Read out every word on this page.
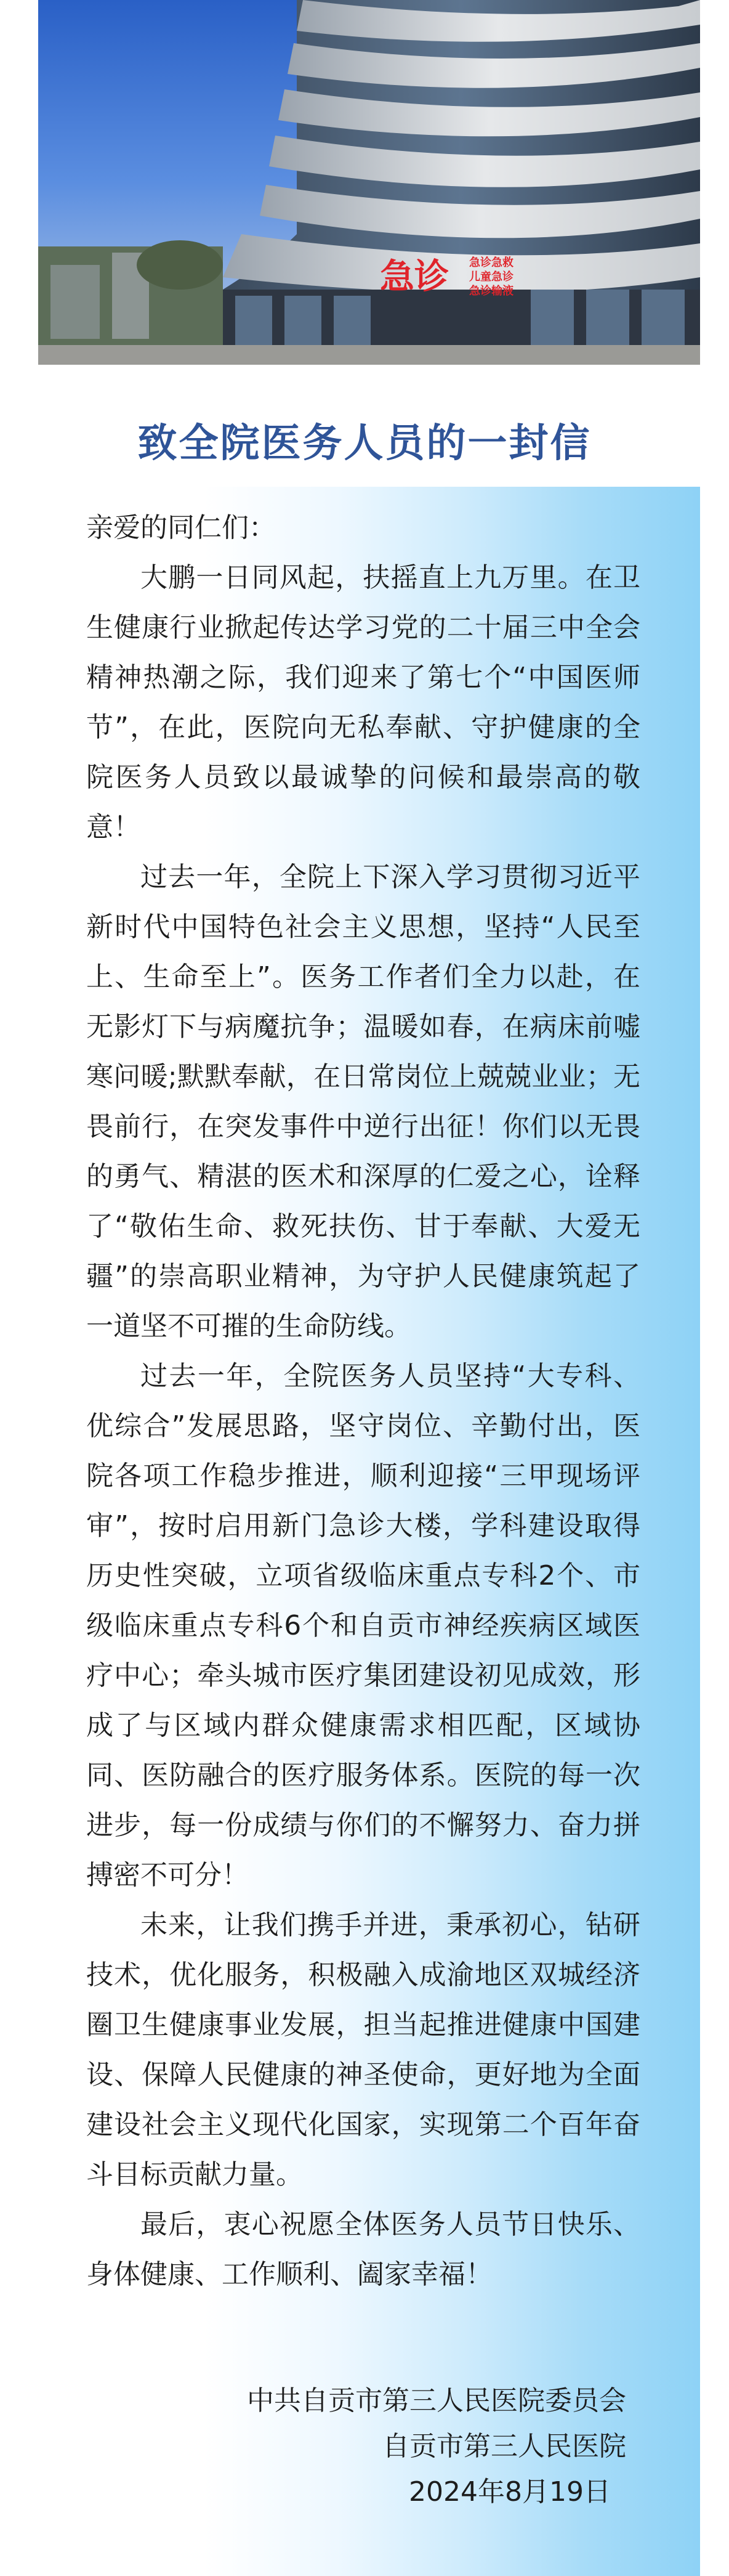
急诊 急诊急救
儿童急诊
急诊输液
致全院医务人员的一封信

亲爱的同仁们：

大鹏一日同风起，扶摇直上九万里。在卫生健康行业掀起传达学习党的二十届三中全会精神热潮之际，我们迎来了第七个“中国医师节”，在此，医院向无私奉献、守护健康的全院医务人员致以最诚挚的问候和最崇高的敬意！

过去一年，全院上下深入学习贯彻习近平新时代中国特色社会主义思想，坚持“人民至上、生命至上”。医务工作者们全力以赴，在无影灯下与病魔抗争；温暖如春，在病床前嘘寒问暖;默默奉献，在日常岗位上兢兢业业；无畏前行，在突发事件中逆行出征！你们以无畏的勇气、精湛的医术和深厚的仁爱之心，诠释了“敬佑生命、救死扶伤、甘于奉献、大爱无疆”的崇高职业精神，为守护人民健康筑起了一道坚不可摧的生命防线。

过去一年，全院医务人员坚持“大专科、优综合”发展思路，坚守岗位、辛勤付出，医院各项工作稳步推进，顺利迎接“三甲现场评审”，按时启用新门急诊大楼，学科建设取得历史性突破，立项省级临床重点专科2个、市级临床重点专科6个和自贡市神经疾病区域医疗中心；牵头城市医疗集团建设初见成效，形成了与区域内群众健康需求相匹配，区域协同、医防融合的医疗服务体系。医院的每一次进步，每一份成绩与你们的不懈努力、奋力拼搏密不可分！

未来，让我们携手并进，秉承初心，钻研技术，优化服务，积极融入成渝地区双城经济圈卫生健康事业发展，担当起推进健康中国建设、保障人民健康的神圣使命，更好地为全面建设社会主义现代化国家，实现第二个百年奋斗目标贡献力量。

最后，衷心祝愿全体医务人员节日快乐、身体健康、工作顺利、阖家幸福！

中共自贡市第三人民医院委员会
自贡市第三人民医院
2024年8月19日
